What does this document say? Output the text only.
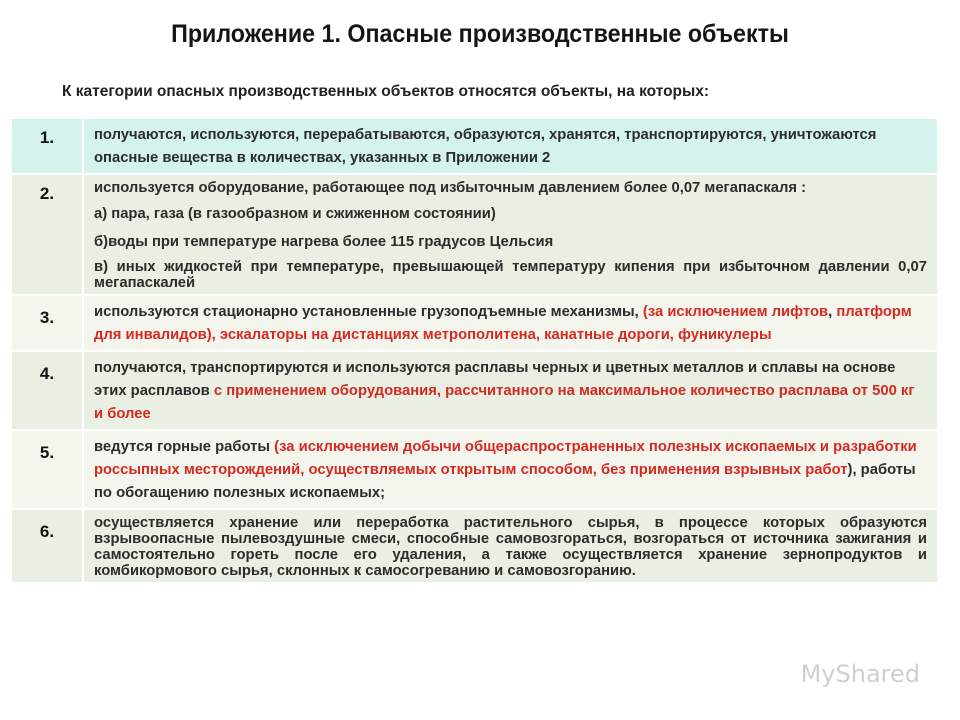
Приложение 1. Опасные производственные объекты
К категории опасных производственных объектов относятся объекты, на которых:
1.	получаются, используются, перерабатываются, образуются, хранятся, транспортируются, уничтожаются опасные вещества в количествах, указанных в Приложении 2

2.	используется оборудование, работающее под избыточным давлением более 0,07 мегапаскаля :

а) пара, газа (в газообразном и сжиженном состоянии)

б)воды при температуре нагрева более 115 градусов Цельсия

в) иных жидкостей при температуре, превышающей температуру кипения при избыточном давлении 0,07 мегапаскалей

3.	используются стационарно установленные грузоподъемные механизмы, (за исключением лифтов, платформ для инвалидов), эскалаторы на дистанциях метрополитена, канатные дороги, фуникулеры

4.	получаются, транспортируются и используются расплавы черных и цветных металлов и сплавы на основе этих расплавов с применением оборудования, рассчитанного на максимальное количество расплава от 500 кг и более

5.	ведутся горные работы (за исключением добычи общераспространенных полезных ископаемых и разработки россыпных месторождений, осуществляемых открытым способом, без применения взрывных работ), работы по обогащению полезных ископаемых;

6.	осуществляется хранение или переработка растительного сырья, в процессе которых образуются взрывоопасные пылевоздушные смеси, способные самовозгораться, возгораться от источника зажигания и самостоятельно гореть после его удаления, а также осуществляется хранение зернопродуктов и комбикормового сырья, склонных к самосогреванию и самовозгоранию.

MyShared
